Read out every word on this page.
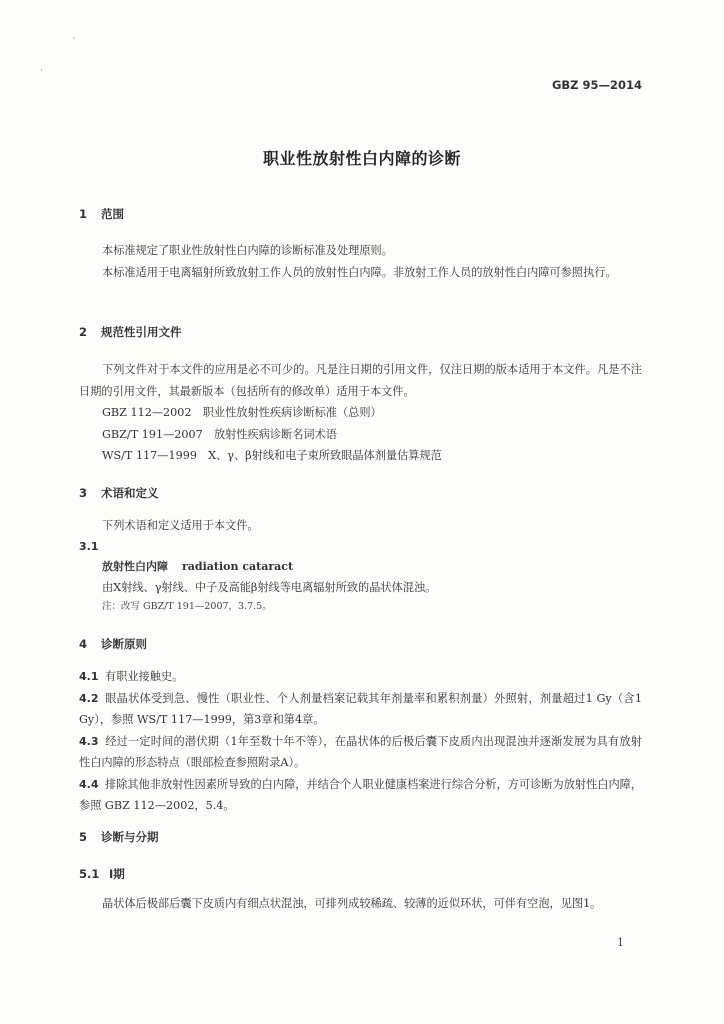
`
·
GBZ 95—2014
职业性放射性白内障的诊断
1 范围

本标准规定了职业性放射性白内障的诊断标准及处理原则。

本标准适用于电离辐射所致放射工作人员的放射性白内障。非放射工作人员的放射性白内障可参照执行。

2 规范性引用文件

下列文件对于本文件的应用是必不可少的。凡是注日期的引用文件，仅注日期的版本适用于本文件。凡是不注日期的引用文件，其最新版本（包括所有的修改单）适用于本文件。

GBZ 112—2002　职业性放射性疾病诊断标准（总则）
GBZ/T 191—2007　放射性疾病诊断名词术语
WS/T 117—1999　X、γ、β射线和电子束所致眼晶体剂量估算规范
3 术语和定义

下列术语和定义适用于本文件。

3.1
放射性白内障 radiation cataract
由X射线、γ射线、中子及高能β射线等电离辐射所致的晶状体混浊。
注：改写 GBZ/T 191—2007，3.7.5。
4 诊断原则

4.1 有职业接触史。

4.2 眼晶状体受到急、慢性（职业性、个人剂量档案记载其年剂量率和累积剂量）外照射，剂量超过1 Gy（含1 Gy），参照 WS/T 117—1999，第3章和第4章。

4.3 经过一定时间的潜伏期（1年至数十年不等），在晶状体的后极后囊下皮质内出现混浊并逐渐发展为具有放射性白内障的形态特点（眼部检查参照附录A）。

4.4 排除其他非放射性因素所导致的白内障，并结合个人职业健康档案进行综合分析，方可诊断为放射性白内障，参照 GBZ 112—2002，5.4。

5 诊断与分期
5.1 Ⅰ期

晶状体后极部后囊下皮质内有细点状混浊，可排列成较稀疏、较薄的近似环状，可伴有空泡，见图1。

1
